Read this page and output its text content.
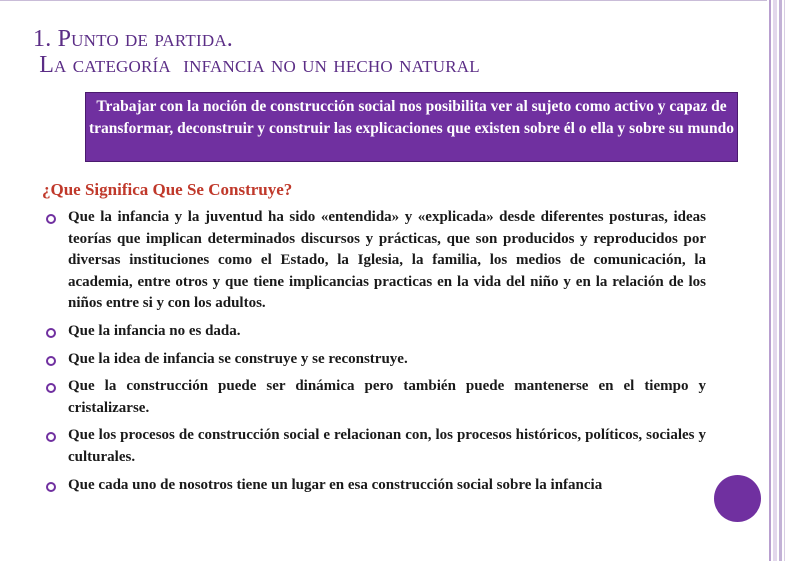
1. Punto de partida.
La categoría  infancia no un hecho natural
Trabajar con la noción de construcción social nos posibilita ver al sujeto como activo y capaz de transformar, deconstruir y construir las explicaciones que existen sobre él o ella y sobre su mundo
¿Que Significa Que Se Construye?
Que la infancia y la juventud ha sido «entendida» y «explicada» desde diferentes posturas, ideas teorías que implican determinados discursos y prácticas, que son producidos y reproducidos por diversas instituciones como el Estado, la Iglesia, la familia, los medios de comunicación, la academia, entre otros y que tiene implicancias practicas en la vida del niño y en la relación de los niños entre si y con los adultos.
Que la infancia no es dada.
Que la idea de infancia se construye y se reconstruye.
Que la construcción puede ser dinámica pero también puede mantenerse en el tiempo y cristalizarse.
Que los procesos de construcción social e relacionan con, los procesos históricos, políticos, sociales y culturales.
Que cada uno de nosotros tiene un lugar en esa construcción social sobre la infancia
